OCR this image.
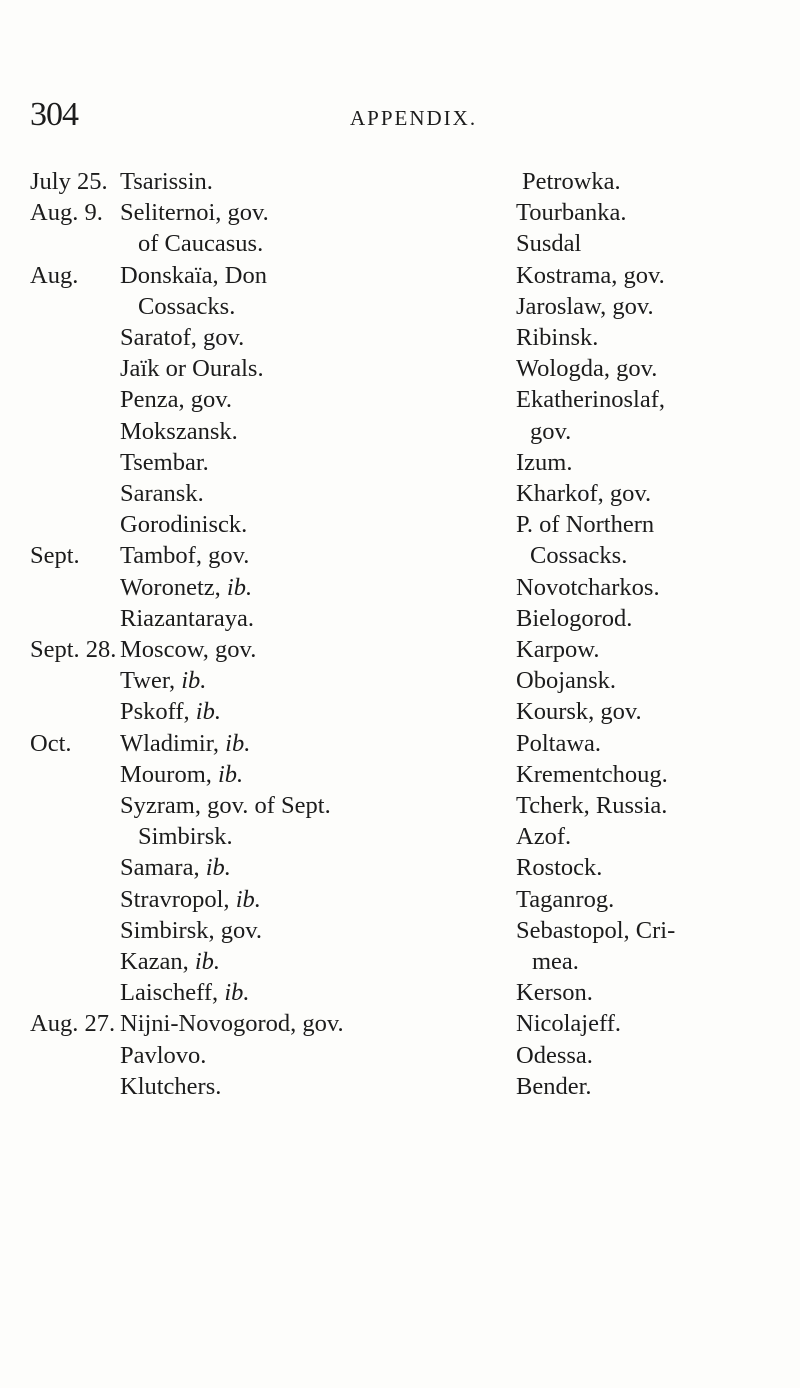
304	APPENDIX.
July 25. Tsarissin.
Aug. 9. Seliternoi, gov.
of Caucasus.
Aug. Donskaïa, Don
Cossacks.
Saratof, gov.
Jaïk or Ourals.
Penza, gov.
Mokszansk.
Tsembar.
Saransk.
Gorodinisck.
Sept. Tambof, gov.
Woronetz, ib.
Riazantaraya.
Sept. 28. Moscow, gov.
Twer, ib.
Pskoff, ib.
Oct. Wladimir, ib.
Mourom, ib.
Syzram, gov. of Sept.
Simbirsk.
Samara, ib.
Stravropol, ib.
Simbirsk, gov.
Kazan, ib.
Laischeff, ib.
Aug. 27. Nijni-Novogorod, gov.
Pavlovo.
Klutchers.
Petrowka.
Tourbanka.
Susdal
Kostrama, gov.
Jaroslaw, gov.
Ribinsk.
Wologda, gov.
Ekatherinoslaf,
gov.
Izum.
Kharkof, gov.
P. of Northern
Cossacks.
Novotcharkos.
Bielogorod.
Karpow.
Obojansk.
Koursk, gov.
Poltawa.
Krementchoug.
Tcherk, Russia.
Azof.
Rostock.
Taganrog.
Sebastopol, Cri-
mea.
Kerson.
Nicolajeff.
Odessa.
Bender.
